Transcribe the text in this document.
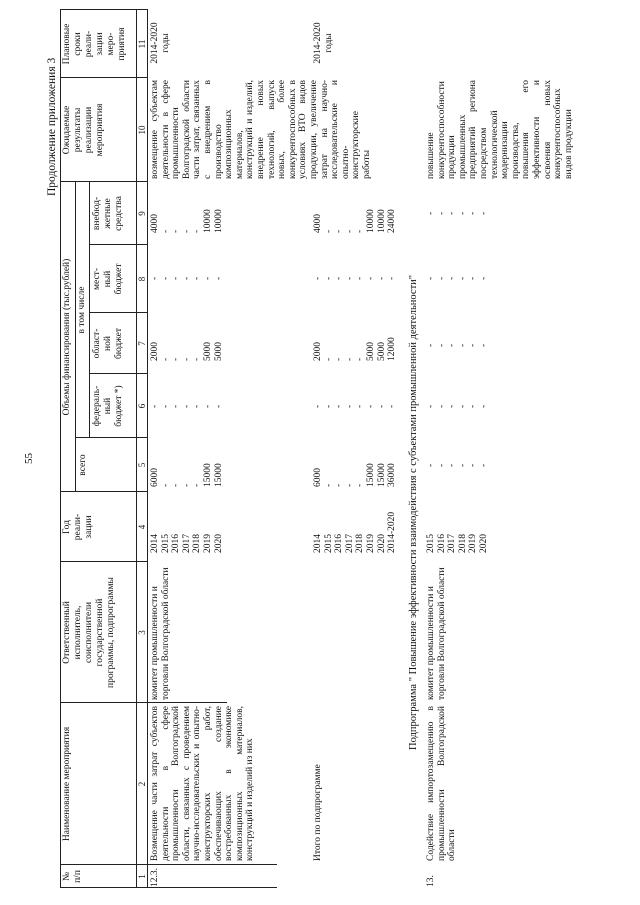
55
Продолжение приложения 3
№
п/п
Наименование мероприятия
Ответственный
исполнитель,
соисполнители
государственной
программы, подпрограммы
Год
реали-
зации
Объемы финансирования (тыс.рублей)
всего
в том числе
федераль-
ный
бюджет *)
област-
ной
бюджет
мест-
ный
бюджет
внебюд-
жетные
средства
Ожидаемые
результаты
реализации
мероприятия
Плановые
сроки
реали-
зации
меро-
приятия
1
2
3
4
5
6
7
8
9
10
11
12.3.
Возмещение части затрат субъектов деятельности в сфере промышленности Волгоградской области, связанных с проведением научно-исследовательских и опытно-конструкторских работ, обеспечивающих создание востребованных в экономике композиционных материалов, конструкций и изделий из них
комитет промышленности и торговли Волгоградской области
2014
2015
2016
2017
2018
2019
2020
6000
-
-
-
-
15000
15000
-
-
-
-
-
-
-
2000
-
-
-
-
5000
5000
-
-
-
-
-
-
-
4000
-
-
-
-
10000
10000
возмещение субъектам деятельности в сфере промышленности Волгоградской области части затрат, связанных с внедрением в производство композиционных материалов, конструкций и изделий, внедрение новых технологий, выпуск новых, более конкурентоспособных в условиях ВТО видов продукции, увеличение затрат на научно-исследовательские и опытно-конструкторские работы
2014-2020
годы
Итого по подпрограмме
2014
2015
2016
2017
2018
2019
2020
2014-2020
6000
-
-
-
-
15000
15000
36000
-
-
-
-
-
-
-
-
2000
-
-
-
-
5000
5000
12000
-
-
-
-
-
-
-
-
4000
-
-
-
-
10000
10000
24000
2014-2020
годы
Подпрограмма " Повышение эффективности взаимодействия с субъектами промышленной деятельности"
13.
Содействие импортозамещению в промышленности Волгоградской области
комитет промышленности и торговли Волгоградской области
2015
2016
2017
2018
2019
2020
-
-
-
-
-
-
-
-
-
-
-
-
-
-
-
-
-
-
-
-
-
-
-
-
-
-
-
-
-
-
повышение конкурентоспособности продукции промышленных предприятий региона посредством технологической модернизации производства, повышения его эффективности и освоения новых конкурентоспособных видов продукции
